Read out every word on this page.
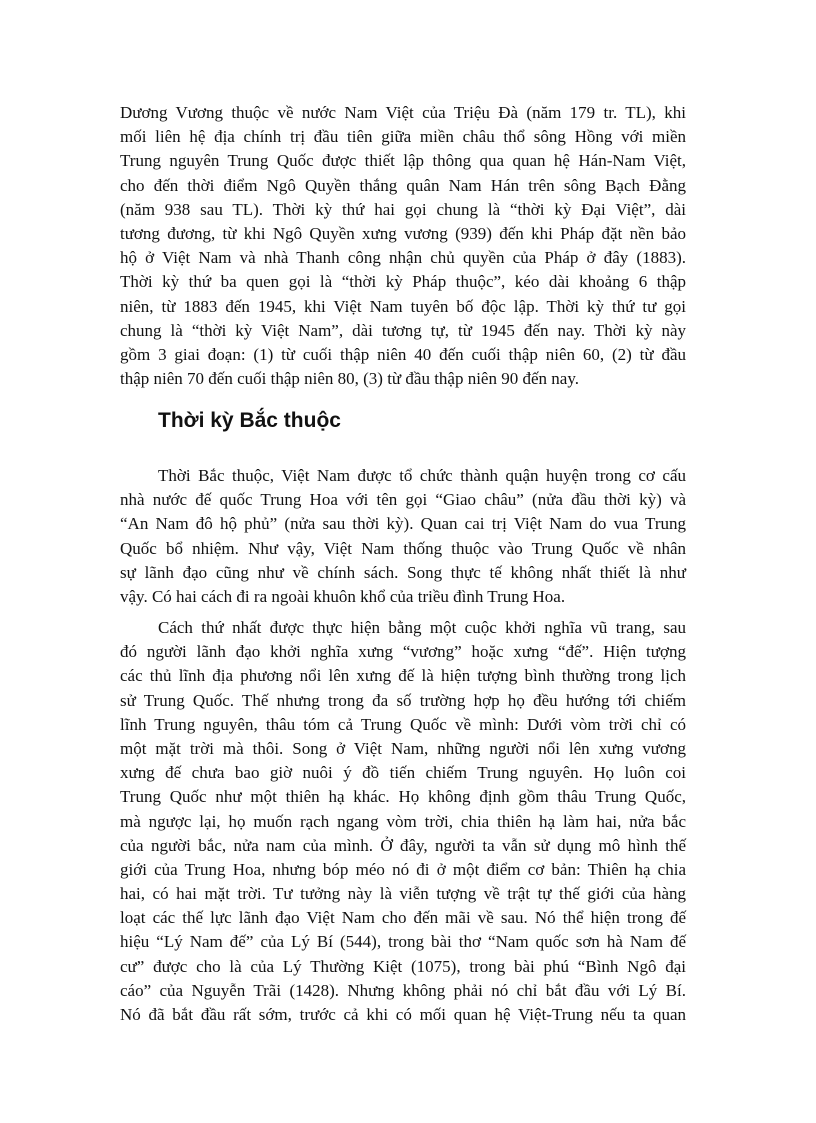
Dương Vương thuộc về nước Nam Việt của Triệu Đà (năm 179 tr. TL), khi
mối liên hệ địa chính trị đầu tiên giữa miền châu thổ sông Hồng với miền
Trung nguyên Trung Quốc được thiết lập thông qua quan hệ Hán-Nam Việt,
cho đến thời điểm Ngô Quyền thắng quân Nam Hán trên sông Bạch Đằng
(năm 938 sau TL). Thời kỳ thứ hai gọi chung là “thời kỳ Đại Việt”, dài
tương đương, từ khi Ngô Quyền xưng vương (939) đến khi Pháp đặt nền bảo
hộ ở Việt Nam và nhà Thanh công nhận chủ quyền của Pháp ở đây (1883).
Thời kỳ thứ ba quen gọi là “thời kỳ Pháp thuộc”, kéo dài khoảng 6 thập
niên, từ 1883 đến 1945, khi Việt Nam tuyên bố độc lập. Thời kỳ thứ tư gọi
chung là “thời kỳ Việt Nam”, dài tương tự, từ 1945 đến nay. Thời kỳ này
gồm 3 giai đoạn: (1) từ cuối thập niên 40 đến cuối thập niên 60, (2) từ đầu
thập niên 70 đến cuối thập niên 80, (3) từ đầu thập niên 90 đến nay.
Thời kỳ Bắc thuộc
Thời Bắc thuộc, Việt Nam được tổ chức thành quận huyện trong cơ cấu
nhà nước đế quốc Trung Hoa với tên gọi “Giao châu” (nửa đầu thời kỳ) và
“An Nam đô hộ phủ” (nửa sau thời kỳ). Quan cai trị Việt Nam do vua Trung
Quốc bổ nhiệm. Như vậy, Việt Nam thống thuộc vào Trung Quốc về nhân
sự lãnh đạo cũng như về chính sách. Song thực tế không nhất thiết là như
vậy. Có hai cách đi ra ngoài khuôn khổ của triều đình Trung Hoa.
Cách thứ nhất được thực hiện bằng một cuộc khởi nghĩa vũ trang, sau
đó người lãnh đạo khởi nghĩa xưng “vương” hoặc xưng “đế”. Hiện tượng
các thủ lĩnh địa phương nổi lên xưng đế là hiện tượng bình thường trong lịch
sử Trung Quốc. Thế nhưng trong đa số trường hợp họ đều hướng tới chiếm
lĩnh Trung nguyên, thâu tóm cả Trung Quốc về mình: Dưới vòm trời chỉ có
một mặt trời mà thôi. Song ở Việt Nam, những người nổi lên xưng vương
xưng đế chưa bao giờ nuôi ý đồ tiến chiếm Trung nguyên. Họ luôn coi
Trung Quốc như một thiên hạ khác. Họ không định gồm thâu Trung Quốc,
mà ngược lại, họ muốn rạch ngang vòm trời, chia thiên hạ làm hai, nửa bắc
của người bắc, nửa nam của mình. Ở đây, người ta vẫn sử dụng mô hình thế
giới của Trung Hoa, nhưng bóp méo nó đi ở một điểm cơ bản: Thiên hạ chia
hai, có hai mặt trời. Tư tưởng này là viễn tượng về trật tự thế giới của hàng
loạt các thế lực lãnh đạo Việt Nam cho đến mãi về sau. Nó thể hiện trong đế
hiệu “Lý Nam đế” của Lý Bí (544), trong bài thơ “Nam quốc sơn hà Nam đế
cư” được cho là của Lý Thường Kiệt (1075), trong bài phú “Bình Ngô đại
cáo” của Nguyễn Trãi (1428). Nhưng không phải nó chỉ bắt đầu với Lý Bí.
Nó đã bắt đầu rất sớm, trước cả khi có mối quan hệ Việt-Trung nếu ta quan
